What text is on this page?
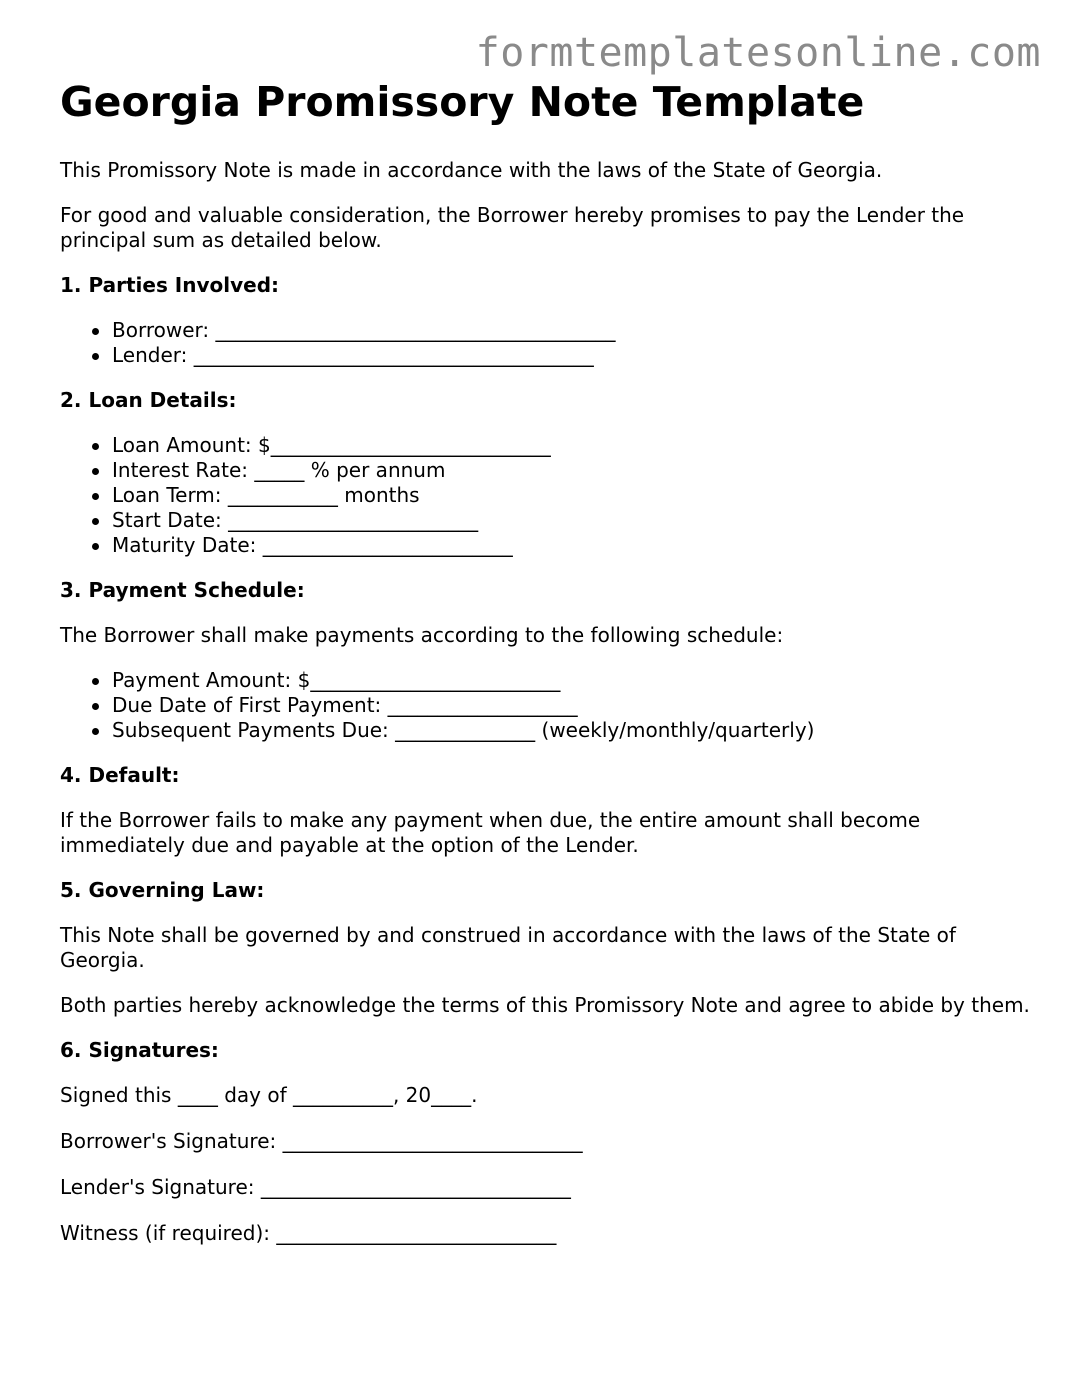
formtemplatesonline.com
Georgia Promissory Note Template

This Promissory Note is made in accordance with the laws of the State of Georgia.

For good and valuable consideration, the Borrower hereby promises to pay the Lender the principal sum as detailed below.

1. Parties Involved:
Borrower: ________________________________________
Lender: ________________________________________
2. Loan Details:
Loan Amount: $____________________________
Interest Rate: _____ % per annum
Loan Term: ___________ months
Start Date: _________________________
Maturity Date: _________________________
3. Payment Schedule:

The Borrower shall make payments according to the following schedule:

Payment Amount: $_________________________
Due Date of First Payment: ___________________
Subsequent Payments Due: ______________ (weekly/monthly/quarterly)
4. Default:

If the Borrower fails to make any payment when due, the entire amount shall become immediately due and payable at the option of the Lender.

5. Governing Law:

This Note shall be governed by and construed in accordance with the laws of the State of Georgia.

Both parties hereby acknowledge the terms of this Promissory Note and agree to abide by them.

6. Signatures:
Signed this ____ day of __________, 20____.
Borrower's Signature: ______________________________
Lender's Signature: _______________________________
Witness (if required): ____________________________
